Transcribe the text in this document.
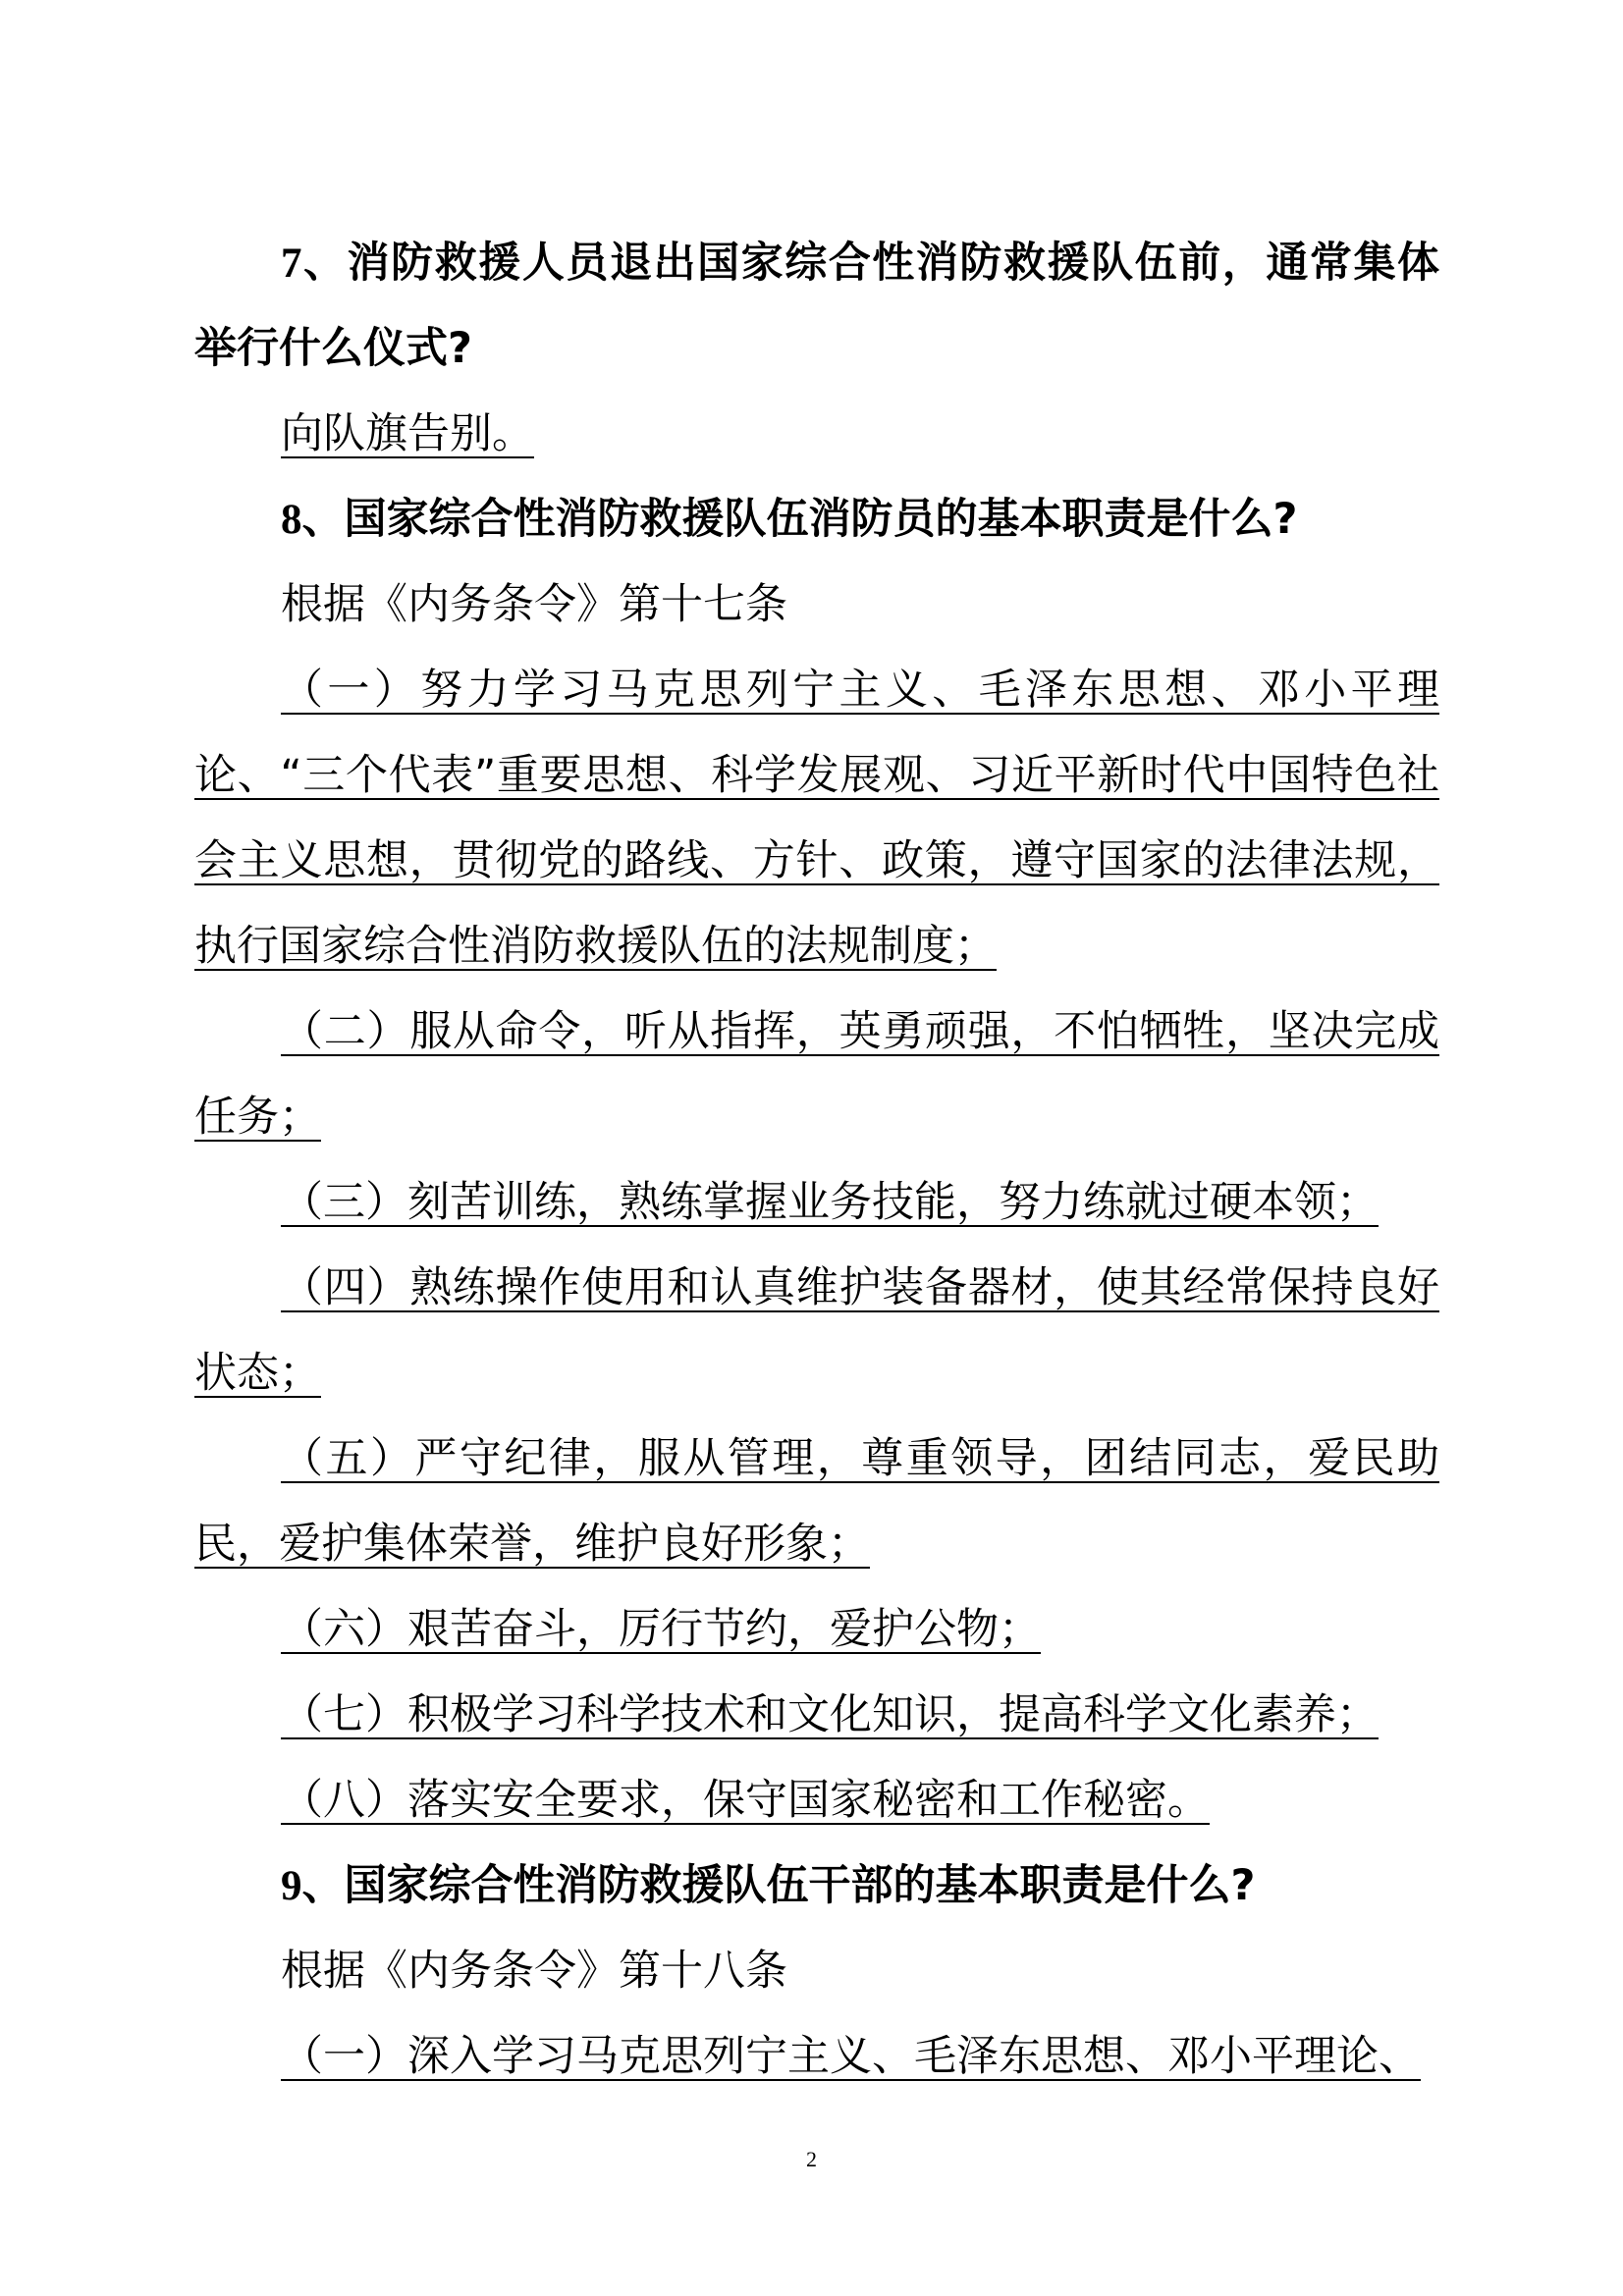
7、消防救援人员退出国家综合性消防救援队伍前，通常集体举行什么仪式?

向队旗告别。

8、国家综合性消防救援队伍消防员的基本职责是什么?

根据《内务条令》第十七条

（一）努力学习马克思列宁主义、毛泽东思想、邓小平理论、“三个代表”重要思想、科学发展观、习近平新时代中国特色社会主义思想，贯彻党的路线、方针、政策，遵守国家的法律法规，执行国家综合性消防救援队伍的法规制度；

（二）服从命令，听从指挥，英勇顽强，不怕牺牲，坚决完成任务；

（三）刻苦训练，熟练掌握业务技能，努力练就过硬本领；

（四）熟练操作使用和认真维护装备器材，使其经常保持良好状态；

（五）严守纪律，服从管理，尊重领导，团结同志，爱民助民，爱护集体荣誉，维护良好形象；

（六）艰苦奋斗，厉行节约，爱护公物；

（七）积极学习科学技术和文化知识，提高科学文化素养；

（八）落实安全要求，保守国家秘密和工作秘密。

9、国家综合性消防救援队伍干部的基本职责是什么?

根据《内务条令》第十八条

（一）深入学习马克思列宁主义、毛泽东思想、邓小平理论、

2
